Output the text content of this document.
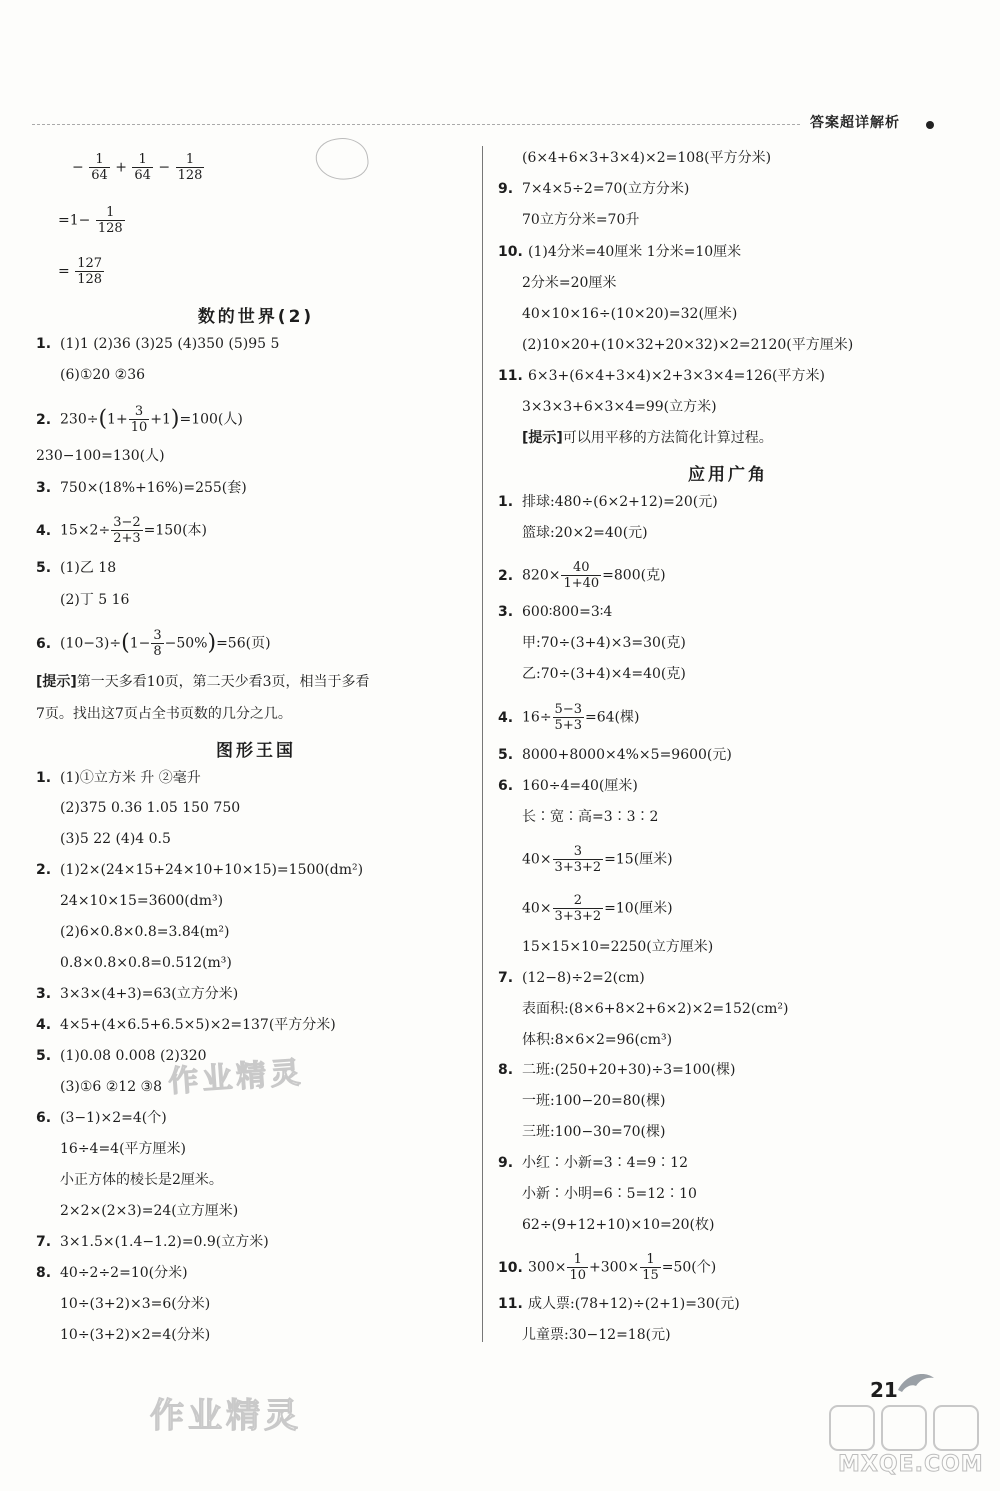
答案超详解析
− $\frac{1}{64} + \frac{1}{64} - \frac{1}{128}$
$=1- \frac{1}{128}$
= $\frac{127}{128}$
数的世界(2)
1. (1)1 (2)36 (3)25 (4)350 (5)95 5
(6)①20 ②36
2. $230\div(1+ \frac{3}{10} +1)=100$(人)
230−100=130(人)
3. 750×(18%+16%)=255(套)
4. $15\times 2\div \frac{3-2}{2+3} =150$(本)
5. (1)乙 18
(2)丁 5 16
6. $(10-3)\div(1- \frac{3}{8} -50\%)=56$(页)
[提示]第一天多看10页，第二天少看3页，相当于多看
7页。找出这7页占全书页数的几分之几。
图形王国
1. (1)①立方米 升 ②毫升
(2)375 0.36 1.05 150 750
(3)5 22 (4)4 0.5
2. (1)2×(24×15+24×10+10×15)=1500(dm²)
24×10×15=3600(dm³)
(2)6×0.8×0.8=3.84(m²)
0.8×0.8×0.8=0.512(m³)
3. 3×3×(4+3)=63(立方分米)
4. 4×5+(4×6.5+6.5×5)×2=137(平方分米)
5. (1)0.08 0.008 (2)320
(3)①6 ②12 ③8
6. (3−1)×2=4(个)
16÷4=4(平方厘米)
小正方体的棱长是2厘米。
2×2×(2×3)=24(立方厘米)
7. 3×1.5×(1.4−1.2)=0.9(立方米)
8. 40÷2÷2=10(分米)
10÷(3+2)×3=6(分米)
10÷(3+2)×2=4(分米)
(6×4+6×3+3×4)×2=108(平方分米)
9. 7×4×5÷2=70(立方分米)
70立方分米=70升
10. (1)4分米=40厘米 1分米=10厘米
2分米=20厘米
40×10×16÷(10×20)=32(厘米)
(2)10×20+(10×32+20×32)×2=2120(平方厘米)
11. 6×3+(6×4+3×4)×2+3×3×4=126(平方米)
3×3×3+6×3×4=99(立方米)
[提示]可以用平移的方法简化计算过程。
应用广角
1. 排球:480÷(6×2+12)=20(元)
篮球:20×2=40(元)
2. $820\times \frac{40}{1+40} =800$(克)
3. 600∶800=3∶4
甲:70÷(3+4)×3=30(克)
乙:70÷(3+4)×4=40(克)
4. $16\div \frac{5-3}{5+3} =64$(棵)
5. 8000+8000×4%×5=9600(元)
6. 160÷4=40(厘米)
长∶宽∶高=3∶3∶2
$40\times \frac{3}{3+3+2} =15$(厘米)
$40\times \frac{2}{3+3+2} =10$(厘米)
15×15×10=2250(立方厘米)
7. (12−8)÷2=2(cm)
表面积:(8×6+8×2+6×2)×2=152(cm²)
体积:8×6×2=96(cm³)
8. 二班:(250+20+30)÷3=100(棵)
一班:100−20=80(棵)
三班:100−30=70(棵)
9. 小红∶小新=3∶4=9∶12
小新∶小明=6∶5=12∶10
62÷(9+12+10)×10=20(枚)
10. $300\times \frac{1}{10} +300\times \frac{1}{15} =50$(个)
11. 成人票:(78+12)÷(2+1)=30(元)
儿童票:30−12=18(元)
作业精灵
作业精灵
21
MXQE.COM
